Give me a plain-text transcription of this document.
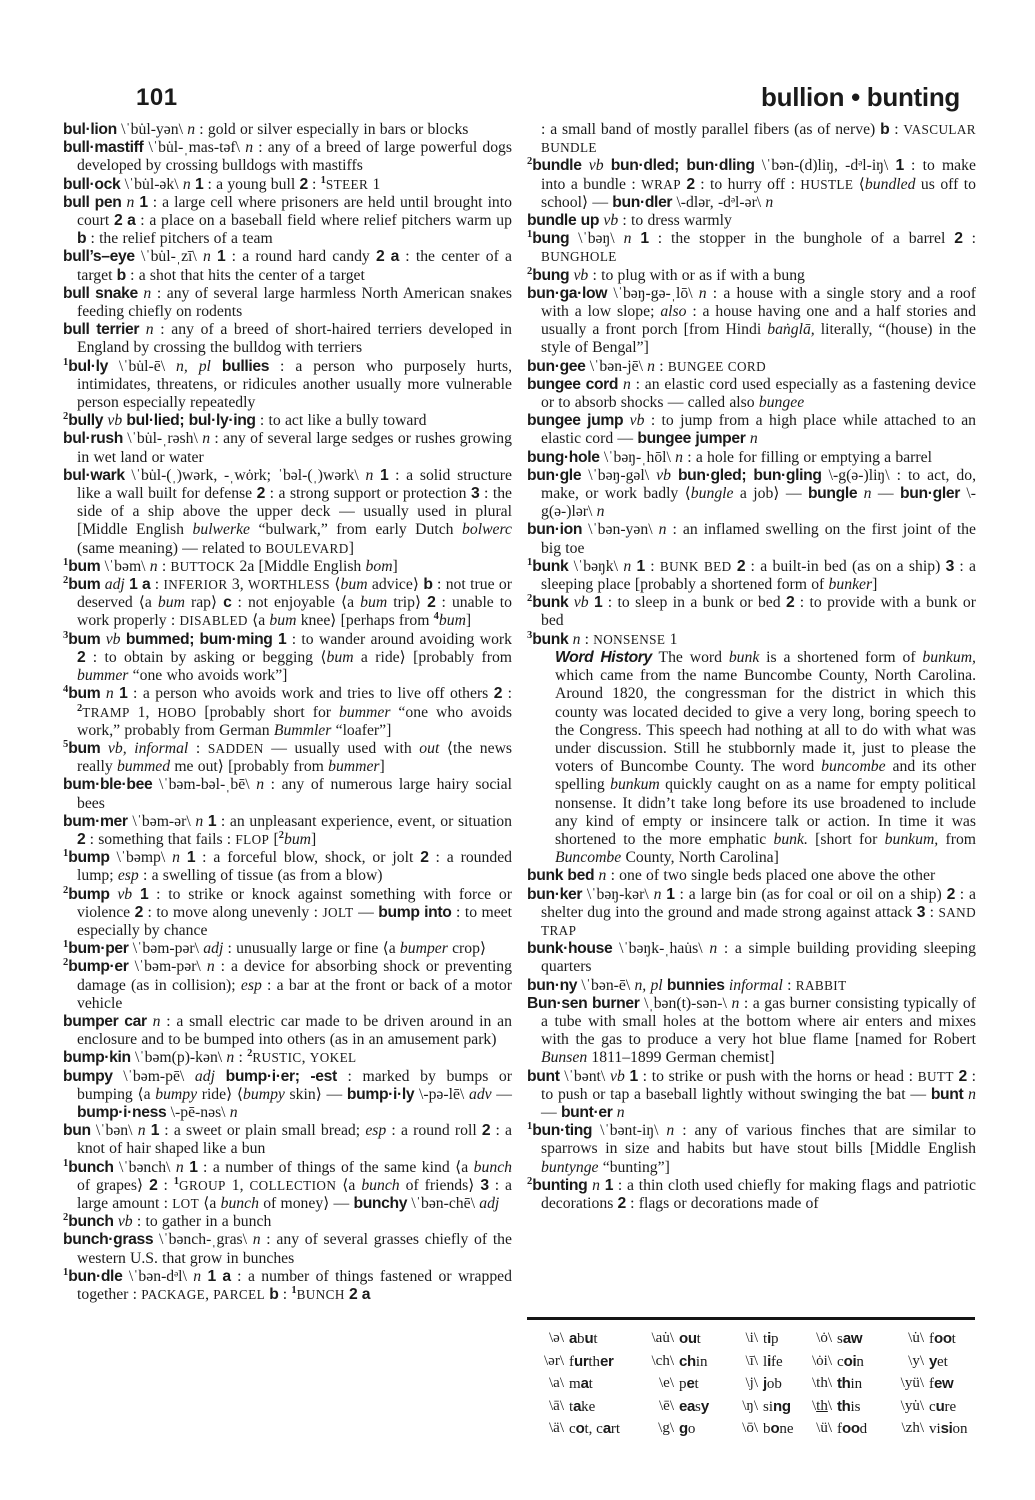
101	bullion • bunting

bul·lion \ˈbu̇l-yən\ n : gold or silver especially in bars or blocks

bull·mastiff \ˈbu̇l-ˌmas-təf\ n : any of a breed of large powerful dogs developed by crossing bulldogs with mastiffs

bull·ock \ˈbu̇l-ək\ n 1 : a young bull 2 : $^1$STEER 1

bull pen n 1 : a large cell where prisoners are held until brought into court 2 a : a place on a baseball field where relief pitchers warm up b : the relief pitchers of a team

bull’s–eye \ˈbu̇l-ˌzī\ n 1 : a round hard candy 2 a : the center of a target b : a shot that hits the center of a target

bull snake n : any of several large harmless North American snakes feeding chiefly on rodents

bull terrier n : any of a breed of short-haired terriers developed in England by crossing the bulldog with terriers

$^1$bul·ly \ˈbu̇l-ē\ n, pl bullies : a person who purposely hurts, intimidates, threatens, or ridicules another usually more vulnerable person especially repeatedly

$^2$bully vb bul·lied; bul·ly·ing : to act like a bully toward

bul·rush \ˈbu̇l-ˌrəsh\ n : any of several large sedges or rushes growing in wet land or water

bul·wark \ˈbu̇l-(ˌ)wərk, -ˌwȯrk; ˈbəl-(ˌ)wərk\ n 1 : a solid structure like a wall built for defense 2 : a strong support or protection 3 : the side of a ship above the upper deck — usually used in plural [Middle English bulwerke “bulwark,” from early Dutch bolwerc (same meaning) — related to BOULEVARD]

$^1$bum \ˈbəm\ n : BUTTOCK 2a [Middle English bom]

$^2$bum adj 1 a : INFERIOR 3, WORTHLESS ⟨bum advice⟩ b : not true or deserved ⟨a bum rap⟩ c : not enjoyable ⟨a bum trip⟩ 2 : unable to work properly : DISABLED ⟨a bum knee⟩ [perhaps from $^4$bum]

$^3$bum vb bummed; bum·ming 1 : to wander around avoiding work 2 : to obtain by asking or begging ⟨bum a ride⟩ [probably from bummer “one who avoids work”]

$^4$bum n 1 : a person who avoids work and tries to live off others 2 : $^2$TRAMP 1, HOBO [probably short for bummer “one who avoids work,” probably from German Bummler “loafer”]

$^5$bum vb, informal : SADDEN — usually used with out ⟨the news really bummed me out⟩ [probably from bummer]

bum·ble·bee \ˈbəm-bəl-ˌbē\ n : any of numerous large hairy social bees

bum·mer \ˈbəm-ər\ n 1 : an unpleasant experience, event, or situation 2 : something that fails : FLOP [$^2$bum]

$^1$bump \ˈbəmp\ n 1 : a forceful blow, shock, or jolt 2 : a rounded lump; esp : a swelling of tissue (as from a blow)

$^2$bump vb 1 : to strike or knock against something with force or violence 2 : to move along unevenly : JOLT — bump into : to meet especially by chance

$^1$bum·per \ˈbəm-pər\ adj : unusually large or fine ⟨a bumper crop⟩

$^2$bump·er \ˈbəm-pər\ n : a device for absorbing shock or preventing damage (as in collision); esp : a bar at the front or back of a motor vehicle

bumper car n : a small electric car made to be driven around in an enclosure and to be bumped into others (as in an amusement park)

bump·kin \ˈbəm(p)-kən\ n : $^2$RUSTIC, YOKEL

bumpy \ˈbəm-pē\ adj bump·i·er; -est : marked by bumps or bumping ⟨a bumpy ride⟩ ⟨bumpy skin⟩ — bump·i·ly \-pə-lē\ adv — bump·i·ness \-pē-nəs\ n

bun \ˈbən\ n 1 : a sweet or plain small bread; esp : a round roll 2 : a knot of hair shaped like a bun

$^1$bunch \ˈbənch\ n 1 : a number of things of the same kind ⟨a bunch of grapes⟩ 2 : $^1$GROUP 1, COLLECTION ⟨a bunch of friends⟩ 3 : a large amount : LOT ⟨a bunch of money⟩ — bunchy \ˈbən-chē\ adj

$^2$bunch vb : to gather in a bunch

bunch·grass \ˈbənch-ˌgras\ n : any of several grasses chiefly of the western U.S. that grow in bunches

$^1$bun·dle \ˈbən-dᵊl\ n 1 a : a number of things fastened or wrapped together : PACKAGE, PARCEL b : $^1$BUNCH 2 a

: a small band of mostly parallel fibers (as of nerve) b : VASCULAR BUNDLE

$^2$bundle vb bun·dled; bun·dling \ˈbən-(d)liŋ, -dᵊl-iŋ\ 1 : to make into a bundle : WRAP 2 : to hurry off : HUSTLE ⟨bundled us off to school⟩ — bun·dler \-dlər, -dᵊl-ər\ n

bundle up vb : to dress warmly

$^1$bung \ˈbəŋ\ n 1 : the stopper in the bunghole of a barrel 2 : BUNGHOLE

$^2$bung vb : to plug with or as if with a bung

bun·ga·low \ˈbəŋ-gə-ˌlō\ n : a house with a single story and a roof with a low slope; also : a house having one and a half stories and usually a front porch [from Hindi baṅglā, literally, “(house) in the style of Bengal”]

bun·gee \ˈbən-jē\ n : BUNGEE CORD

bungee cord n : an elastic cord used especially as a fastening device or to absorb shocks — called also bungee

bungee jump vb : to jump from a high place while attached to an elastic cord — bungee jumper n

bung·hole \ˈbəŋ-ˌhōl\ n : a hole for filling or emptying a barrel

bun·gle \ˈbəŋ-gəl\ vb bun·gled; bun·gling \-g(ə-)liŋ\ : to act, do, make, or work badly ⟨bungle a job⟩ — bungle n — bun·gler \-g(ə-)lər\ n

bun·ion \ˈbən-yən\ n : an inflamed swelling on the first joint of the big toe

$^1$bunk \ˈbəŋk\ n 1 : BUNK BED 2 : a built-in bed (as on a ship) 3 : a sleeping place [probably a shortened form of bunker]

$^2$bunk vb 1 : to sleep in a bunk or bed 2 : to provide with a bunk or bed

$^3$bunk n : NONSENSE 1

Word History The word bunk is a shortened form of bunkum, which came from the name Buncombe County, North Carolina. Around 1820, the congressman for the district in which this county was located decided to give a very long, boring speech to the Congress. This speech had nothing at all to do with what was under discussion. Still he stubbornly made it, just to please the voters of Buncombe County. The word buncombe and its other spelling bunkum quickly caught on as a name for empty political nonsense. It didn’t take long before its use broadened to include any kind of empty or insincere talk or action. In time it was shortened to the more emphatic bunk. [short for bunkum, from Buncombe County, North Carolina]

bunk bed n : one of two single beds placed one above the other

bun·ker \ˈbəŋ-kər\ n 1 : a large bin (as for coal or oil on a ship) 2 : a shelter dug into the ground and made strong against attack 3 : SAND TRAP

bunk·house \ˈbəŋk-ˌhau̇s\ n : a simple building providing sleeping quarters

bun·ny \ˈbən-ē\ n, pl bunnies informal : RABBIT

Bun·sen burner \ˌbən(t)-sən-\ n : a gas burner consisting typically of a tube with small holes at the bottom where air enters and mixes with the gas to produce a very hot blue flame [named for Robert Bunsen 1811–1899 German chemist]

bunt \ˈbənt\ vb 1 : to strike or push with the horns or head : BUTT 2 : to push or tap a baseball lightly without swinging the bat — bunt n — bunt·er n

$^1$bun·ting \ˈbənt-iŋ\ n : any of various finches that are similar to sparrows in size and habits but have stout bills [Middle English buntynge “bunting”]

$^2$bunting n 1 : a thin cloth used chiefly for making flags and patriotic decorations 2 : flags or decorations made of

\ə\ abut	\au̇\ out	\i\ tip	\ȯ\ saw	\u̇\ foot
\ər\ further	\ch\ chin	\ī\ life	\ȯi\ coin	\y\ yet
\a\ mat	\e\ pet	\j\ job	\th\ thin	\yü\ few
\ā\ take	\ē\ easy	\ŋ\ sing	\th\ this	\yu̇\ cure
\ä\ cot, cart	\g\ go	\ō\ bone	\ü\ food	\zh\ vision
